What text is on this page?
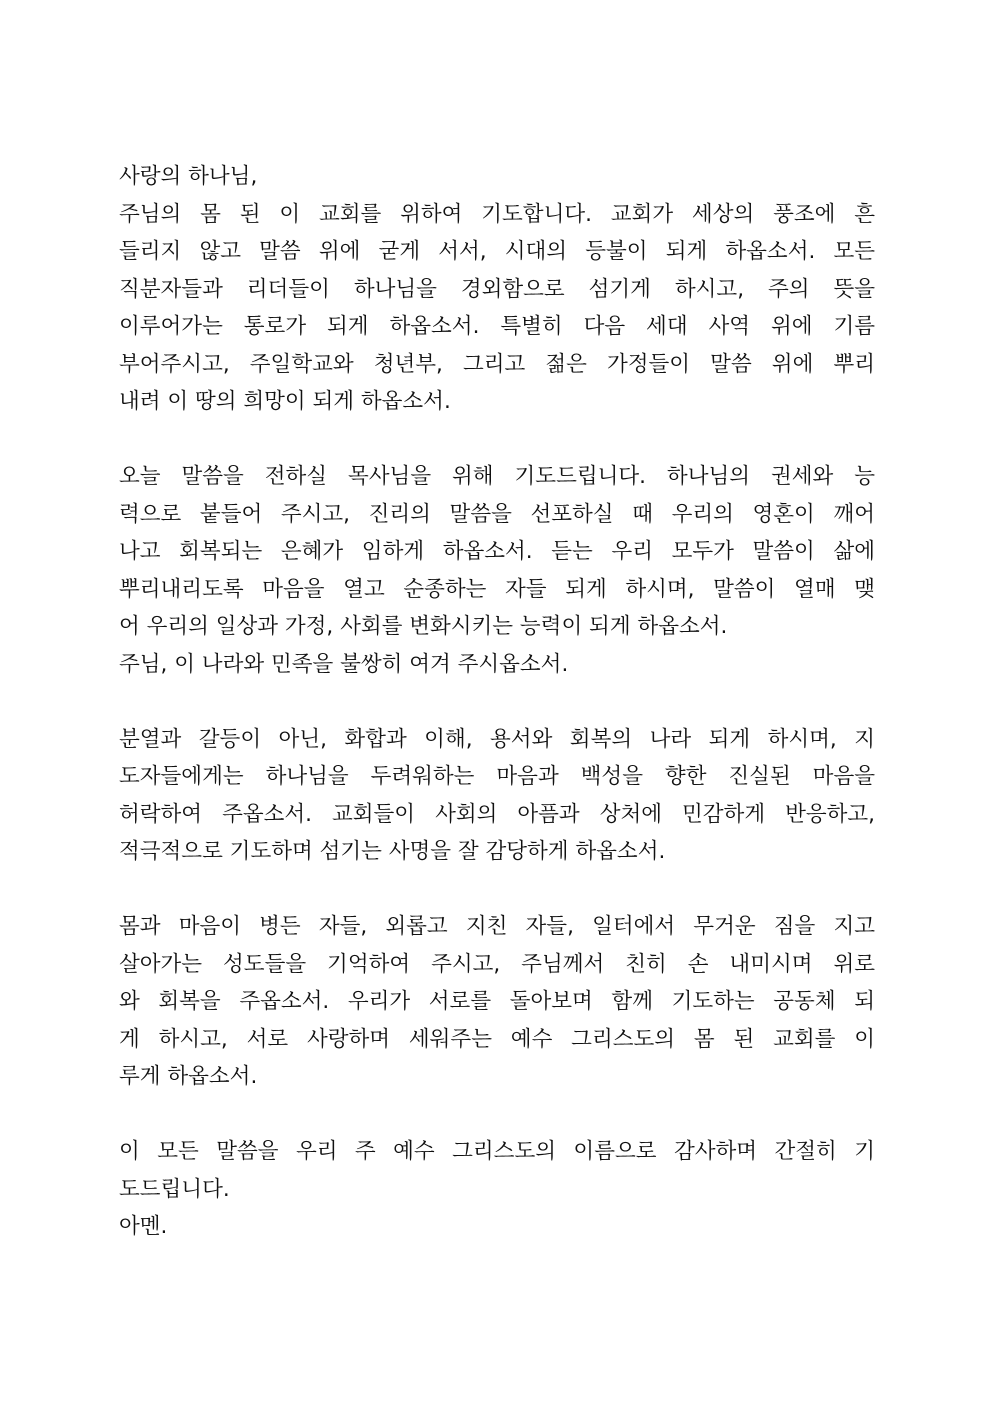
사랑의 하나님,
주님의 몸 된 이 교회를 위하여 기도합니다. 교회가 세상의 풍조에 흔
들리지 않고 말씀 위에 굳게 서서, 시대의 등불이 되게 하옵소서. 모든
직분자들과 리더들이 하나님을 경외함으로 섬기게 하시고, 주의 뜻을
이루어가는 통로가 되게 하옵소서. 특별히 다음 세대 사역 위에 기름
부어주시고, 주일학교와 청년부, 그리고 젊은 가정들이 말씀 위에 뿌리
내려 이 땅의 희망이 되게 하옵소서.
오늘 말씀을 전하실 목사님을 위해 기도드립니다. 하나님의 권세와 능
력으로 붙들어 주시고, 진리의 말씀을 선포하실 때 우리의 영혼이 깨어
나고 회복되는 은혜가 임하게 하옵소서. 듣는 우리 모두가 말씀이 삶에
뿌리내리도록 마음을 열고 순종하는 자들 되게 하시며, 말씀이 열매 맺
어 우리의 일상과 가정, 사회를 변화시키는 능력이 되게 하옵소서.
주님, 이 나라와 민족을 불쌍히 여겨 주시옵소서.
분열과 갈등이 아닌, 화합과 이해, 용서와 회복의 나라 되게 하시며, 지
도자들에게는 하나님을 두려워하는 마음과 백성을 향한 진실된 마음을
허락하여 주옵소서. 교회들이 사회의 아픔과 상처에 민감하게 반응하고,
적극적으로 기도하며 섬기는 사명을 잘 감당하게 하옵소서.
몸과 마음이 병든 자들, 외롭고 지친 자들, 일터에서 무거운 짐을 지고
살아가는 성도들을 기억하여 주시고, 주님께서 친히 손 내미시며 위로
와 회복을 주옵소서. 우리가 서로를 돌아보며 함께 기도하는 공동체 되
게 하시고, 서로 사랑하며 세워주는 예수 그리스도의 몸 된 교회를 이
루게 하옵소서.
이 모든 말씀을 우리 주 예수 그리스도의 이름으로 감사하며 간절히 기
도드립니다.
아멘.
